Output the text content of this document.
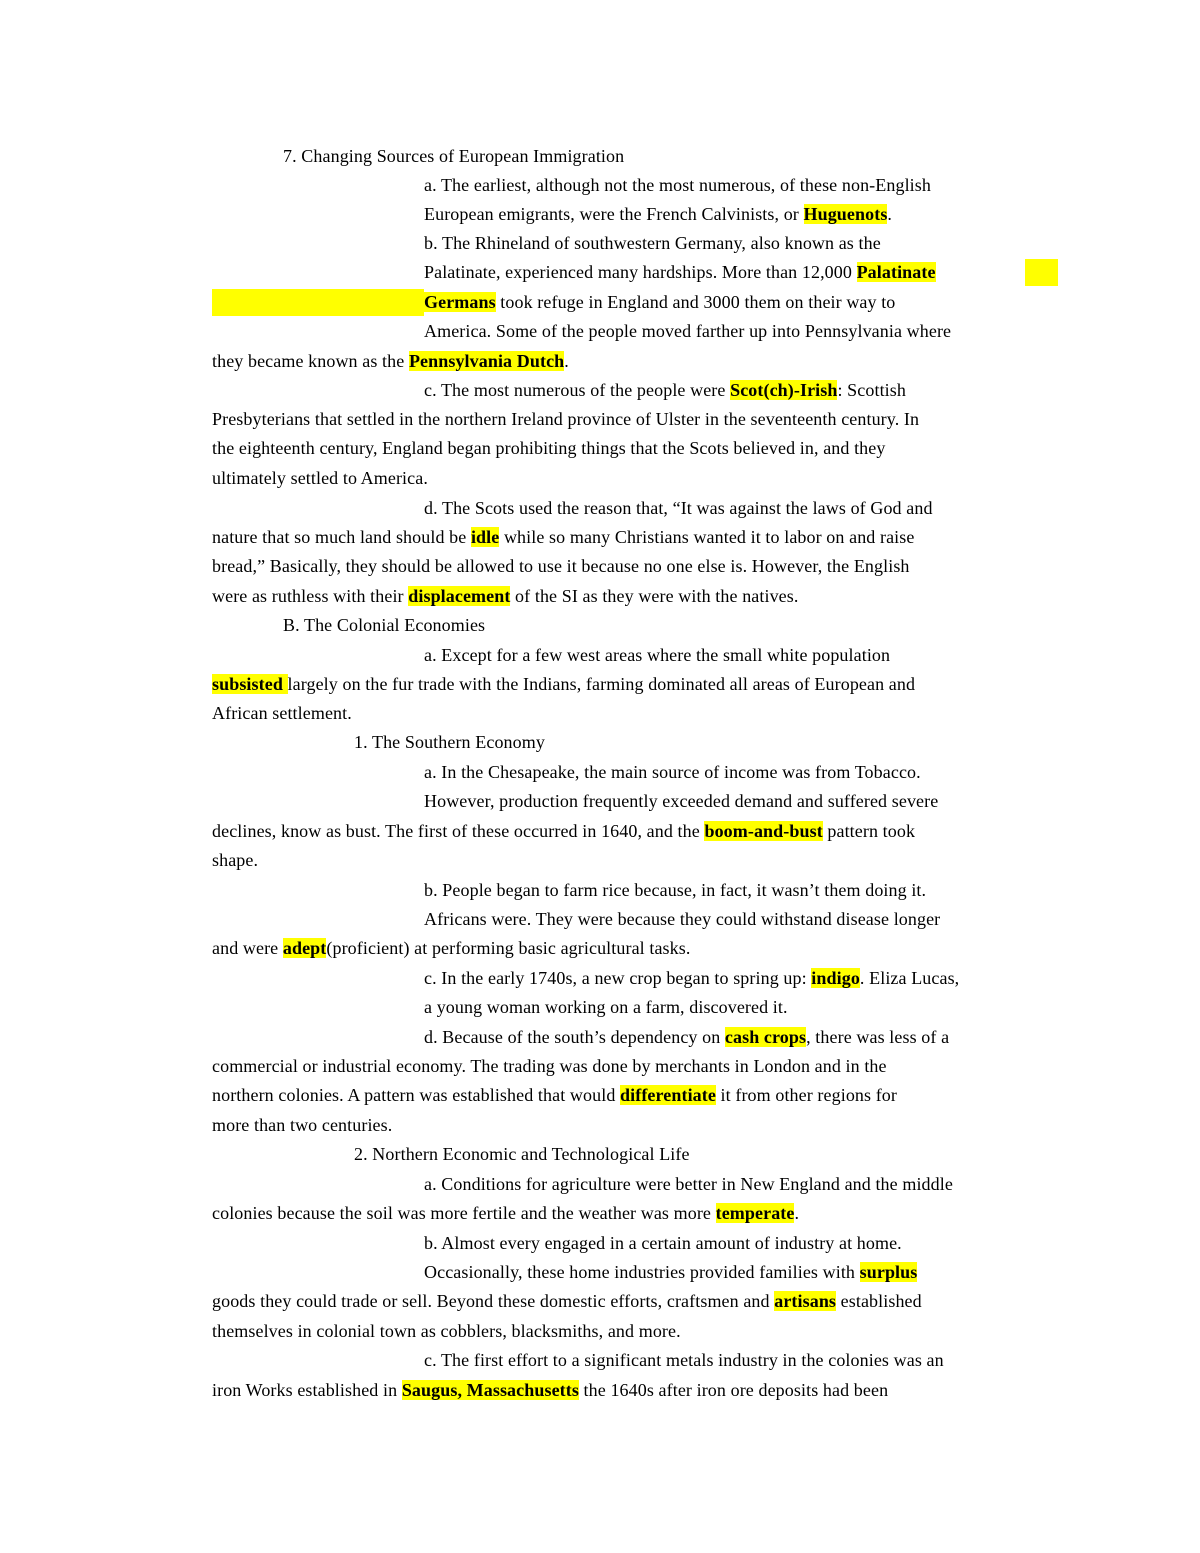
7. Changing Sources of European Immigration
a. The earliest, although not the most numerous, of these non-English
European emigrants, were the French Calvinists, or Huguenots.
b. The Rhineland of southwestern Germany, also known as the
Palatinate, experienced many hardships. More than 12,000 Palatinate
Germans took refuge in England and 3000 them on their way to
America. Some of the people moved farther up into Pennsylvania where
they became known as the Pennsylvania Dutch.
c. The most numerous of the people were Scot(ch)-Irish: Scottish
Presbyterians that settled in the northern Ireland province of Ulster in the seventeenth century. In
the eighteenth century, England began prohibiting things that the Scots believed in, and they
ultimately settled to America.
d. The Scots used the reason that, “It was against the laws of God and
nature that so much land should be idle while so many Christians wanted it to labor on and raise
bread,” Basically, they should be allowed to use it because no one else is. However, the English
were as ruthless with their displacement of the SI as they were with the natives.
B. The Colonial Economies
a. Except for a few west areas where the small white population
subsisted largely on the fur trade with the Indians, farming dominated all areas of European and
African settlement.
1. The Southern Economy
a. In the Chesapeake, the main source of income was from Tobacco.
However, production frequently exceeded demand and suffered severe
declines, know as bust. The first of these occurred in 1640, and the boom-and-bust pattern took
shape.
b. People began to farm rice because, in fact, it wasn’t them doing it.
Africans were. They were because they could withstand disease longer
and were adept(proficient) at performing basic agricultural tasks.
c. In the early 1740s, a new crop began to spring up: indigo. Eliza Lucas,
a young woman working on a farm, discovered it.
d. Because of the south’s dependency on cash crops, there was less of a
commercial or industrial economy. The trading was done by merchants in London and in the
northern colonies. A pattern was established that would differentiate it from other regions for
more than two centuries.
2. Northern Economic and Technological Life
a. Conditions for agriculture were better in New England and the middle
colonies because the soil was more fertile and the weather was more temperate.
b. Almost every engaged in a certain amount of industry at home.
Occasionally, these home industries provided families with surplus
goods they could trade or sell. Beyond these domestic efforts, craftsmen and artisans established
themselves in colonial town as cobblers, blacksmiths, and more.
c. The first effort to a significant metals industry in the colonies was an
iron Works established in Saugus, Massachusetts the 1640s after iron ore deposits had been
